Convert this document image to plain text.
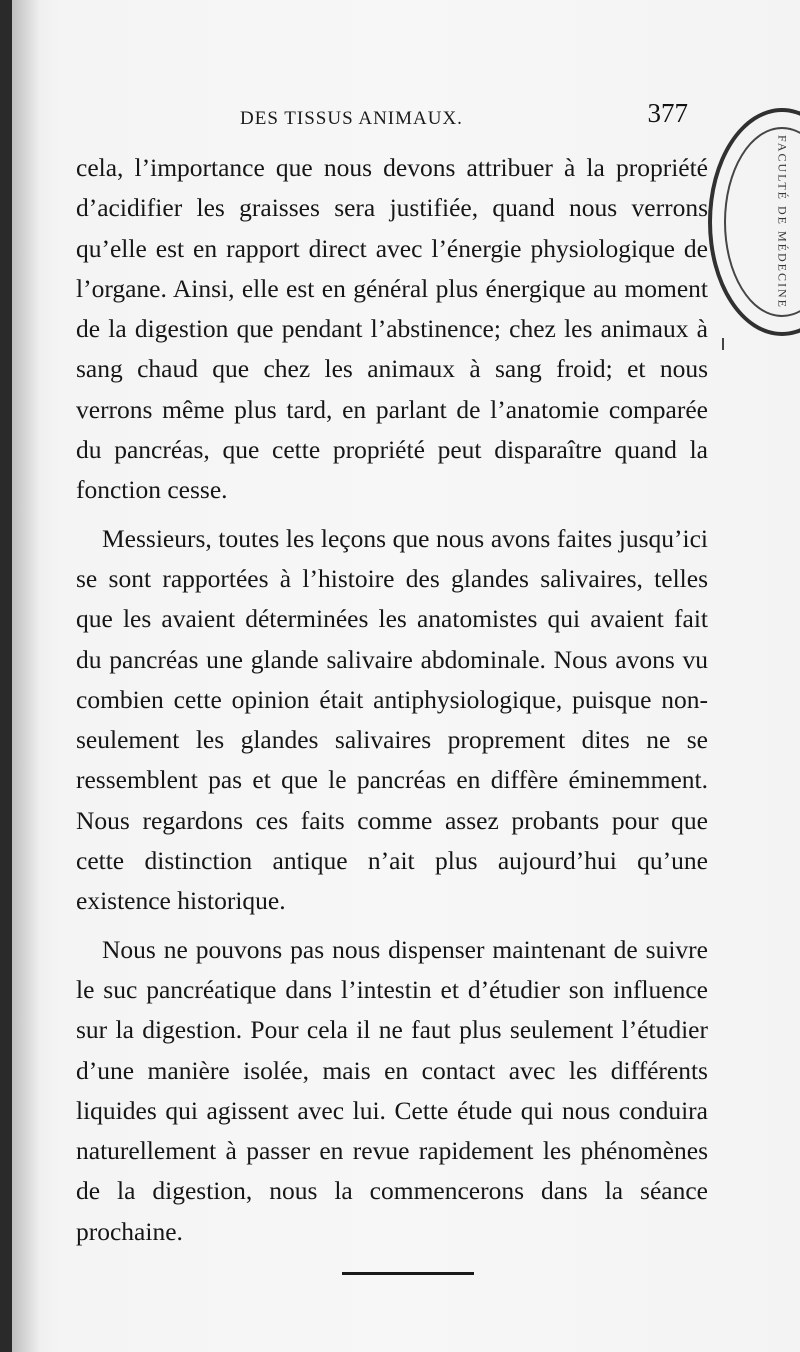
FACULTÉ DE MÉDECINE
DES TISSUS ANIMAUX.	377

cela, l’importance que nous devons attribuer à la propriété d’acidifier les graisses sera justifiée, quand nous verrons qu’elle est en rapport direct avec l’énergie physiologique de l’organe. Ainsi, elle est en général plus énergique au moment de la digestion que pendant l’abstinence; chez les animaux à sang chaud que chez les animaux à sang froid; et nous verrons même plus tard, en parlant de l’anatomie comparée du pancréas, que cette propriété peut disparaître quand la fonction cesse.

Messieurs, toutes les leçons que nous avons faites jusqu’ici se sont rapportées à l’histoire des glandes salivaires, telles que les avaient déterminées les anatomistes qui avaient fait du pancréas une glande salivaire abdominale. Nous avons vu combien cette opinion était antiphysiologique, puisque non-seulement les glandes salivaires proprement dites ne se ressemblent pas et que le pancréas en diffère éminemment. Nous regardons ces faits comme assez probants pour que cette distinction antique n’ait plus aujourd’hui qu’une existence historique.

Nous ne pouvons pas nous dispenser maintenant de suivre le suc pancréatique dans l’intestin et d’étudier son influence sur la digestion. Pour cela il ne faut plus seulement l’étudier d’une manière isolée, mais en contact avec les différents liquides qui agissent avec lui. Cette étude qui nous conduira naturellement à passer en revue rapidement les phénomènes de la digestion, nous la commencerons dans la séance prochaine.
